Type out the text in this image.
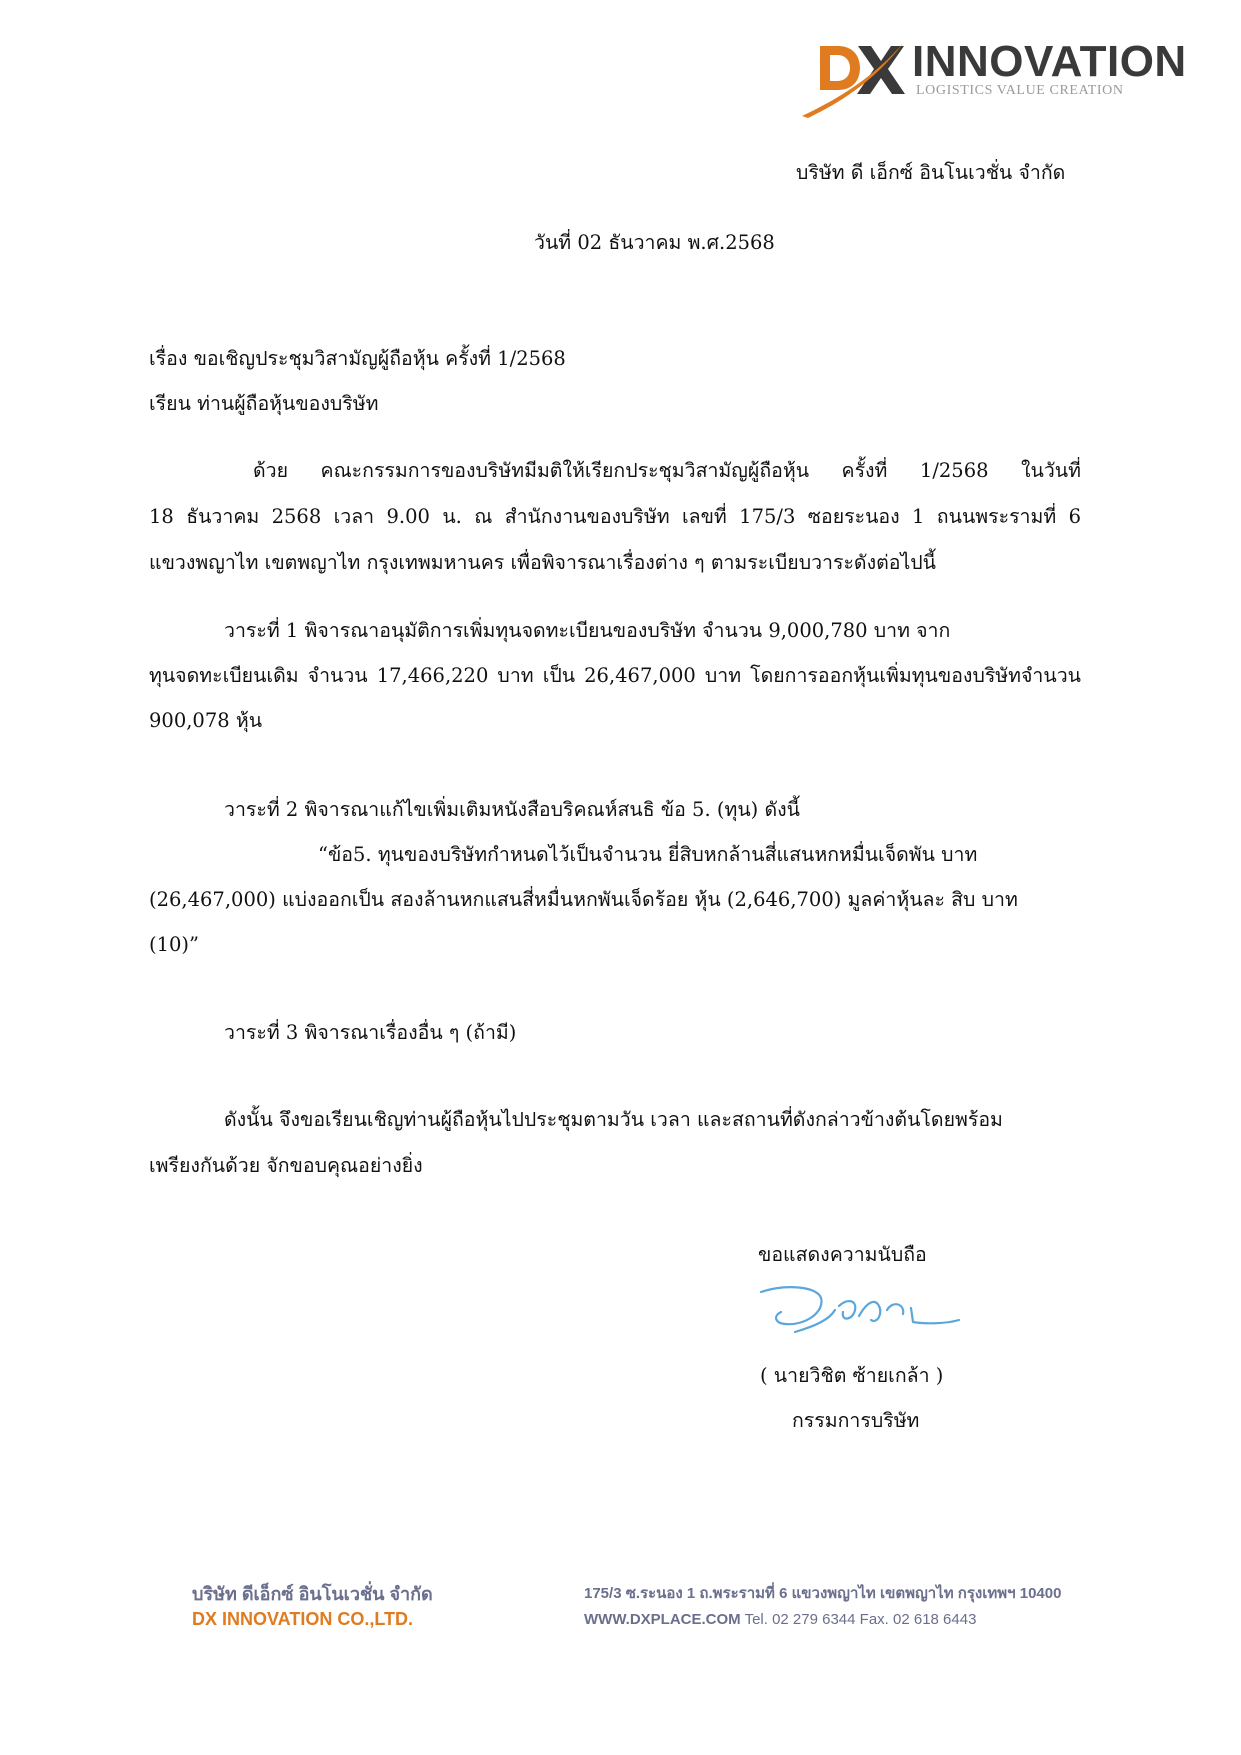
INNOVATION
LOGISTICS VALUE CREATION
บริษัท ดี เอ็กซ์ อินโนเวชั่น จำกัด
วันที่ 02 ธันวาคม พ.ศ.2568
เรื่อง ขอเชิญประชุมวิสามัญผู้ถือหุ้น ครั้งที่ 1/2568
เรียน ท่านผู้ถือหุ้นของบริษัท
ด้วย คณะกรรมการของบริษัทมีมติให้เรียกประชุมวิสามัญผู้ถือหุ้น ครั้งที่ 1/2568 ในวันที่
18 ธันวาคม 2568 เวลา 9.00 น. ณ สำนักงานของบริษัท เลขที่ 175/3 ซอยระนอง 1 ถนนพระรามที่ 6
แขวงพญาไท เขตพญาไท กรุงเทพมหานคร เพื่อพิจารณาเรื่องต่าง ๆ ตามระเบียบวาระดังต่อไปนี้
วาระที่ 1 พิจารณาอนุมัติการเพิ่มทุนจดทะเบียนของบริษัท จำนวน 9,000,780 บาท จาก
ทุนจดทะเบียนเดิม จำนวน 17,466,220 บาท เป็น 26,467,000 บาท โดยการออกหุ้นเพิ่มทุนของบริษัทจำนวน
900,078 หุ้น
วาระที่ 2 พิจารณาแก้ไขเพิ่มเติมหนังสือบริคณห์สนธิ ข้อ 5. (ทุน) ดังนี้
“ข้อ5. ทุนของบริษัทกำหนดไว้เป็นจำนวน ยี่สิบหกล้านสี่แสนหกหมื่นเจ็ดพัน บาท
(26,467,000) แบ่งออกเป็น สองล้านหกแสนสี่หมื่นหกพันเจ็ดร้อย หุ้น (2,646,700) มูลค่าหุ้นละ สิบ บาท
(10)”
วาระที่ 3 พิจารณาเรื่องอื่น ๆ (ถ้ามี)
ดังนั้น จึงขอเรียนเชิญท่านผู้ถือหุ้นไปประชุมตามวัน เวลา และสถานที่ดังกล่าวข้างต้นโดยพร้อม
เพรียงกันด้วย จักขอบคุณอย่างยิ่ง
ขอแสดงความนับถือ
( นายวิชิต ซ้ายเกล้า )
กรรมการบริษัท
บริษัท ดีเอ็กซ์ อินโนเวชั่น จำกัด
DX INNOVATION CO.,LTD.
175/3 ซ.ระนอง 1 ถ.พระรามที่ 6 แขวงพญาไท เขตพญาไท กรุงเทพฯ 10400
WWW.DXPLACE.COM Tel. 02 279 6344 Fax. 02 618 6443
